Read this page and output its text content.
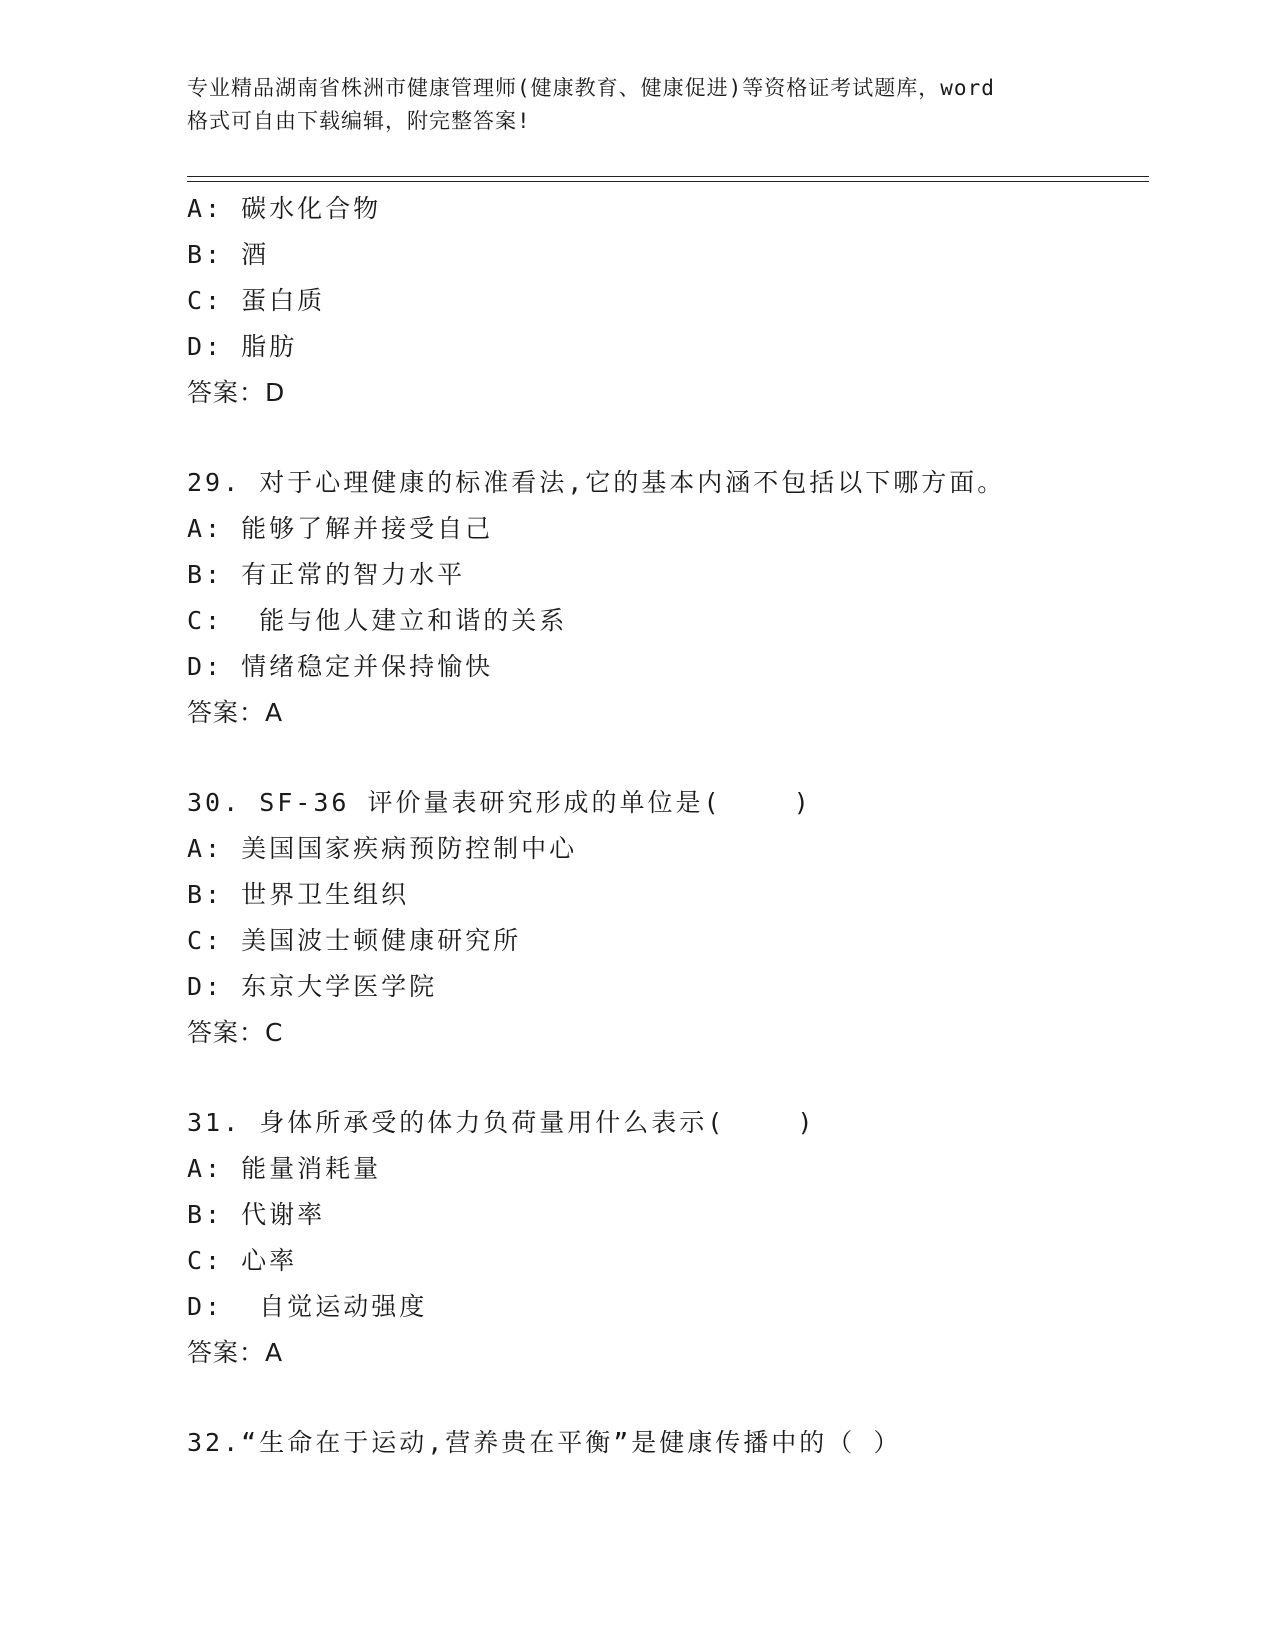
专业精品湖南省株洲市健康管理师(健康教育、健康促进)等资格证考试题库，word
格式可自由下载编辑，附完整答案!
A: 碳水化合物
B: 酒
C: 蛋白质
D: 脂肪
答案：D
29. 对于心理健康的标准看法,它的基本内涵不包括以下哪方面。
A: 能够了解并接受自己
B: 有正常的智力水平
C:  能与他人建立和谐的关系
D: 情绪稳定并保持愉快
答案：A
30. SF-36 评价量表研究形成的单位是(    )
A: 美国国家疾病预防控制中心
B: 世界卫生组织
C: 美国波士顿健康研究所
D: 东京大学医学院
答案：C
31. 身体所承受的体力负荷量用什么表示(    )
A: 能量消耗量
B: 代谢率
C: 心率
D:  自觉运动强度
答案：A
32.“生命在于运动,营养贵在平衡”是健康传播中的（ ）
